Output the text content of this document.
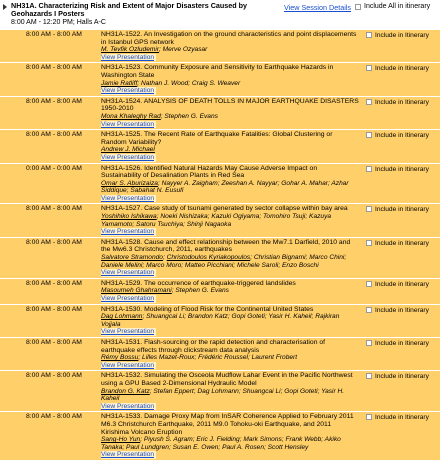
NH31A. Characterizing Risk and Extent of Major Disasters Caused by Geohazards I Posters
8:00 AM - 12:20 PM; Halls A-C
View Session Details Include All in itinerary
8:00 AM - 8:00 AM	NH31A-1522. An Investigation on the ground characteristics and point displacements in Istanbul GPS network
M. Tevfik Ozludemir; Merve Ozyasar
View Presentation
Include in Itinerary
8:00 AM - 8:00 AM	NH31A-1523. Community Exposure and Sensitivity to Earthquake Hazards in Washington State
Jamie Ratliff; Nathan J. Wood; Craig S. Weaver
View Presentation
Include in Itinerary
8:00 AM - 8:00 AM	NH31A-1524. ANALYSIS OF DEATH TOLLS IN MAJOR EARTHQUAKE DISASTERS 1950-2010
Mona Khaleghy Rad; Stephen G. Evans
View Presentation
Include in Itinerary
8:00 AM - 8:00 AM	NH31A-1525. The Recent Rate of Earthquake Fatalities: Global Clustering or Random Variability?
Andrew J. Michael
View Presentation
Include in Itinerary
0:00 AM - 0:00 AM	NH31A-1526. Identified Natural Hazards May Cause Adverse Impact on Sustainability of Desalination Plants in Red Sea
Omar S. Aburizaiza; Nayyer A. Zaigham; Zeeshan A. Nayyar; Gohar A. Mahar; Azhar Siddique; Sabahat N. Eusufi
View Presentation
Include in Itinerary
8:00 AM - 8:00 AM	NH31A-1527. Case study of tsunami generated by sector collapse within bay area
Yoshihiko Ishikawa; Noeki Nishizaka; Kazuki Ogiyama; Tomohiro Tsuji; Kazuya Yamamoto; Satoru Tsuchiya; Shinji Nagaoka
View Presentation
Include in Itinerary
8:00 AM - 8:00 AM	NH31A-1528. Cause and effect relationship between the Mw7.1 Darfield, 2010 and the Mw6.3 Christchurch, 2011, earthquakes
Salvatore Stramondo; Christodoulos Kyriakopoulos; Christian Bignami; Marco Chini; Daniele Melini; Marco Moro; Matteo Picchiani; Michele Saroli; Enzo Boschi
View Presentation
Include in Itinerary
8:00 AM - 8:00 AM	NH31A-1529. The occurrence of earthquake-triggered landslides
Masoumeh Ghahramani; Stephen G. Evans
View Presentation
Include in Itinerary
8:00 AM - 8:00 AM	NH31A-1530. Modeling of Flood Risk for the Continental United States
Dag Lohmann; Shuangcai Li; Brandon Katz; Gopi Goteti; Yasir H. Kaheil; Rajkiran Vojjala
View Presentation
Include in Itinerary
8:00 AM - 8:00 AM	NH31A-1531. Flash-sourcing or the rapid detection and characterisation of earthquake effects through clickstream data analysis
Rémy Bossu; Lilles Mazet-Roux; Frédéric Roussel; Laurent Frobert
View Presentation
Include in Itinerary
8:00 AM - 8:00 AM	NH31A-1532. Simulating the Osceola Mudflow Lahar Event in the Pacific Northwest using a GPU Based 2-Dimensional Hydraulic Model
Brandon G. Katz; Stefan Eppert; Dag Lohmann; Shuangcai Li; Gopi Goteti; Yasir H. Kaheil
View Presentation
Include in Itinerary
8:00 AM - 8:00 AM	NH31A-1533. Damage Proxy Map from InSAR Coherence Applied to February 2011 M6.3 Christchurch Earthquake, 2011 M9.0 Tohoku-oki Earthquake, and 2011 Kirishima Volcano Eruption
Sang-Ho Yun; Piyush S. Agram; Eric J. Fielding; Mark Simons; Frank Webb; Akiko Tanaka; Paul Lundgren; Susan E. Owen; Paul A. Rosen; Scott Hensley
View Presentation
Include in Itinerary
